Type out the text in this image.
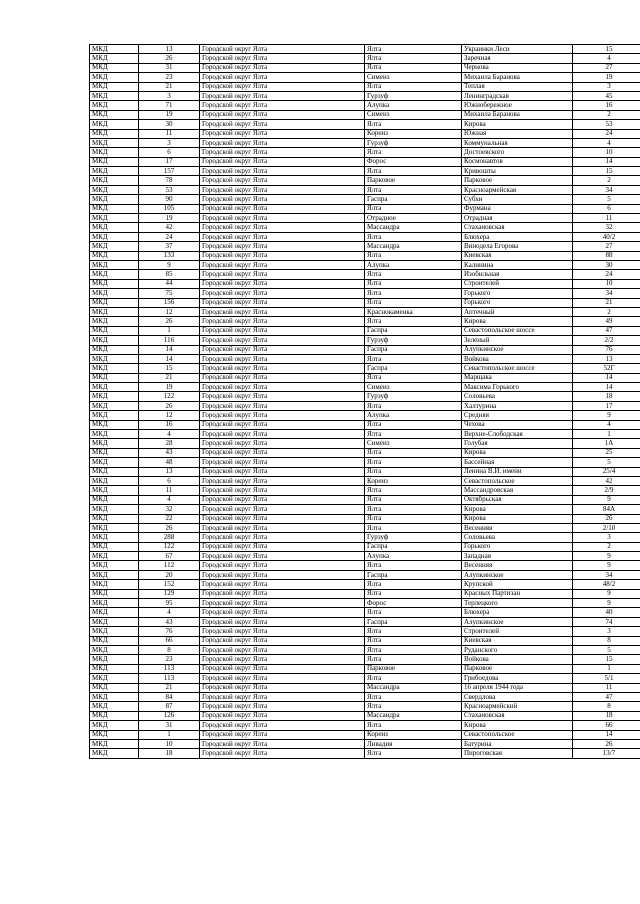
МКД	13	Городской округ Ялта	Ялта	Украинки Леси	15
МКД	26	Городской округ Ялта	Ялта	Заречная	4
МКД	31	Городской округ Ялта	Ялта	Чернова	27
МКД	23	Городской округ Ялта	Симеиз	Михаила Баранова	19
МКД	21	Городской округ Ялта	Ялта	Теплая	3
МКД	3	Городской округ Ялта	Гурзуф	Ленинградская	45
МКД	71	Городской округ Ялта	Алупка	Южнобережное	16
МКД	19	Городской округ Ялта	Симеиз	Михаила Баранова	2
МКД	30	Городской округ Ялта	Ялта	Кирова	53
МКД	11	Городской округ Ялта	Кореиз	Южная	24
МКД	3	Городской округ Ялта	Гурзуф	Коммунальная	4
МКД	6	Городской округ Ялта	Ялта	Достоевского	10
МКД	17	Городской округ Ялта	Форос	Космонавтов	14
МКД	157	Городской округ Ялта	Ялта	Кривошты	15
МКД	78	Городской округ Ялта	Парковое	Парковое	2
МКД	53	Городской округ Ялта	Ялта	Красноармейская	34
МКД	90	Городской округ Ялта	Гаспра	Субхи	5
МКД	105	Городской округ Ялта	Ялта	Фурмана	6
МКД	19	Городской округ Ялта	Отрадное	Отрадная	11
МКД	42	Городской округ Ялта	Массандра	Стахановская	32
МКД	24	Городской округ Ялта	Ялта	Блюхера	40/2
МКД	37	Городской округ Ялта	Массандра	Винодела Егорова	27
МКД	133	Городской округ Ялта	Ялта	Киевская	88
МКД	9	Городской округ Ялта	Алупка	Калинина	30
МКД	85	Городской округ Ялта	Ялта	Изобильная	24
МКД	44	Городской округ Ялта	Ялта	Строителей	10
МКД	75	Городской округ Ялта	Ялта	Горького	34
МКД	156	Городской округ Ялта	Ялта	Горького	21
МКД	12	Городской округ Ялта	Краснокаменка	Аптечный	2
МКД	26	Городской округ Ялта	Ялта	Кирова	49
МКД	1	Городской округ Ялта	Гаспра	Севастопольское шоссе	47
МКД	116	Городской округ Ялта	Гурзуф	Зеленый	2/2
МКД	14	Городской округ Ялта	Гаспра	Алупкинское	76
МКД	14	Городской округ Ялта	Ялта	Войкова	13
МКД	15	Городской округ Ялта	Гаспра	Севастопольское шоссе	52Г
МКД	21	Городской округ Ялта	Ялта	Марщака	14
МКД	19	Городской округ Ялта	Симеиз	Максима Горького	14
МКД	122	Городской округ Ялта	Гурзуф	Соловьева	18
МКД	26	Городской округ Ялта	Ялта	Халтурина	17
МКД	12	Городской округ Ялта	Алупка	Средняя	9
МКД	16	Городской округ Ялта	Ялта	Чехова	4
МКД	4	Городской округ Ялта	Ялта	Верхне-Слободская	1
МКД	28	Городской округ Ялта	Симеиз	Голубая	1А
МКД	43	Городской округ Ялта	Ялта	Кирова	25
МКД	48	Городской округ Ялта	Ялта	Бассейная	5
МКД	13	Городской округ Ялта	Ялта	Ленина В.И. имени	25/4
МКД	6	Городской округ Ялта	Кореиз	Севастопольское	42
МКД	11	Городской округ Ялта	Ялта	Массандровская	2/9
МКД	4	Городской округ Ялта	Ялта	Октябрьская	9
МКД	32	Городской округ Ялта	Ялта	Кирова	84А
МКД	22	Городской округ Ялта	Ялта	Кирова	26
МКД	26	Городской округ Ялта	Ялта	Весенняя	2/10
МКД	288	Городской округ Ялта	Гурзуф	Соловьева	3
МКД	122	Городской округ Ялта	Гаспра	Горького	2
МКД	67	Городской округ Ялта	Алупка	Западная	9
МКД	112	Городской округ Ялта	Ялта	Весенняя	9
МКД	20	Городской округ Ялта	Гаспра	Алупкинское	34
МКД	152	Городской округ Ялта	Ялта	Крупской	48/2
МКД	129	Городской округ Ялта	Ялта	Красных Партизан	9
МКД	95	Городской округ Ялта	Форос	Терлецкого	9
МКД	4	Городской округ Ялта	Ялта	Блюхера	40
МКД	43	Городской округ Ялта	Гаспра	Алупкинское	74
МКД	76	Городской округ Ялта	Ялта	Строителей	3
МКД	66	Городской округ Ялта	Ялта	Киевская	8
МКД	8	Городской округ Ялта	Ялта	Руданского	5
МКД	23	Городской округ Ялта	Ялта	Войкова	15
МКД	113	Городской округ Ялта	Парковое	Парковое	1
МКД	113	Городской округ Ялта	Ялта	Грибоедова	5/1
МКД	21	Городской округ Ялта	Массандра	16 апреля 1944 года	11
МКД	84	Городской округ Ялта	Ялта	Свердлова	47
МКД	87	Городской округ Ялта	Ялта	Красноармейский	8
МКД	126	Городской округ Ялта	Массандра	Стахановская	18
МКД	31	Городской округ Ялта	Ялта	Кирова	66
МКД	1	Городской округ Ялта	Кореиз	Севастопольское	14
МКД	10	Городской округ Ялта	Ливадия	Батурина	26
МКД	18	Городской округ Ялта	Ялта	Пироговская	13/7
